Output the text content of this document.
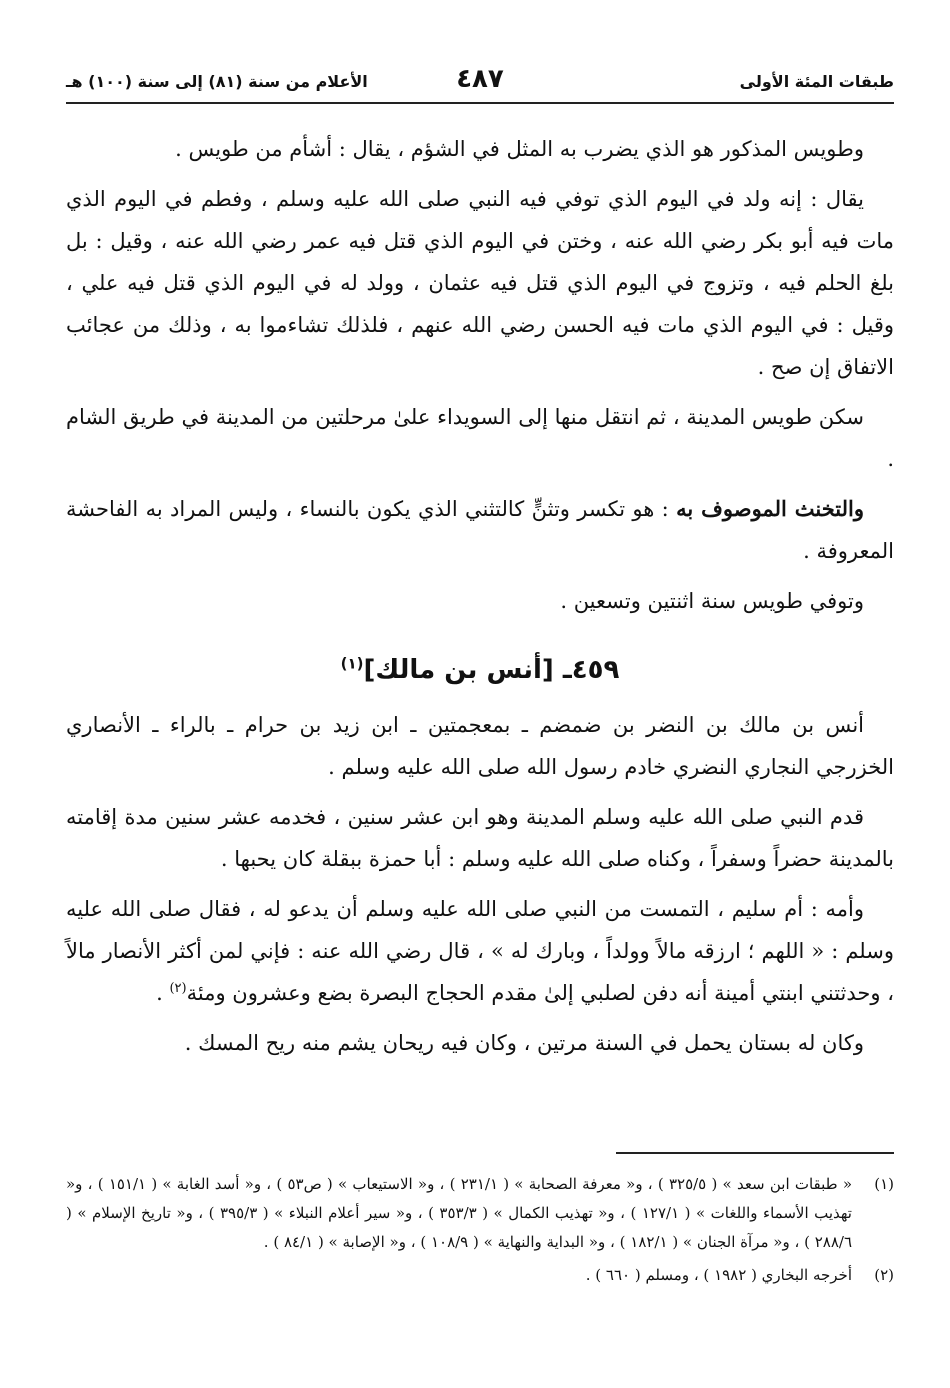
طبقات المئة الأولى
٤٨٧
الأعلام من سنة (٨١) إلى سنة (١٠٠) هـ

وطويس المذكور هو الذي يضرب به المثل في الشؤم ، يقال : أشأم من طويس .

يقال : إنه ولد في اليوم الذي توفي فيه النبي صلى الله عليه وسلم ، وفطم في اليوم الذي مات فيه أبو بكر رضي الله عنه ، وختن في اليوم الذي قتل فيه عمر رضي الله عنه ، وقيل : بل بلغ الحلم فيه ، وتزوج في اليوم الذي قتل فيه عثمان ، وولد له في اليوم الذي قتل فيه علي ، وقيل : في اليوم الذي مات فيه الحسن رضي الله عنهم ، فلذلك تشاءموا به ، وذلك من عجائب الاتفاق إن صح .

سكن طويس المدينة ، ثم انتقل منها إلى السويداء علىٰ مرحلتين من المدينة في طريق الشام .

والتخنث الموصوف به : هو تكسر وتثنٍّ كالتثني الذي يكون بالنساء ، وليس المراد به الفاحشة المعروفة .

وتوفي طويس سنة اثنتين وتسعين .

٤٥٩ـ [أنس بن مالك]$^{(١)}$

أنس بن مالك بن النضر بن ضمضم ـ بمعجمتين ـ ابن زيد بن حرام ـ بالراء ـ الأنصاري الخزرجي النجاري النضري خادم رسول الله صلى الله عليه وسلم .

قدم النبي صلى الله عليه وسلم المدينة وهو ابن عشر سنين ، فخدمه عشر سنين مدة إقامته بالمدينة حضراً وسفراً ، وكناه صلى الله عليه وسلم : أبا حمزة ببقلة كان يحبها .

وأمه : أم سليم ، التمست من النبي صلى الله عليه وسلم أن يدعو له ، فقال صلى الله عليه وسلم : « اللهم ؛ ارزقه مالاً وولداً ، وبارك له » ، قال رضي الله عنه : فإني لمن أكثر الأنصار مالاً ، وحدثتني ابنتي أمينة أنه دفن لصلبي إلىٰ مقدم الحجاج البصرة بضع وعشرون ومئة$^{(٢)}$ .

وكان له بستان يحمل في السنة مرتين ، وكان فيه ريحان يشم منه ريح المسك .

(١)
« طبقات ابن سعد » ( ٣٢٥/٥ ) ، و« معرفة الصحابة » ( ٢٣١/١ ) ، و« الاستيعاب » ( ص٥٣ ) ، و« أسد الغابة » ( ١٥١/١ ) ، و« تهذيب الأسماء واللغات » ( ١٢٧/١ ) ، و« تهذيب الكمال » ( ٣٥٣/٣ ) ، و« سير أعلام النبلاء » ( ٣٩٥/٣ ) ، و« تاريخ الإسلام » ( ٢٨٨/٦ ) ، و« مرآة الجنان » ( ١٨٢/١ ) ، و« البداية والنهاية » ( ١٠٨/٩ ) ، و« الإصابة » ( ٨٤/١ ) .
(٢)
أخرجه البخاري ( ١٩٨٢ ) ، ومسلم ( ٦٦٠ ) .
